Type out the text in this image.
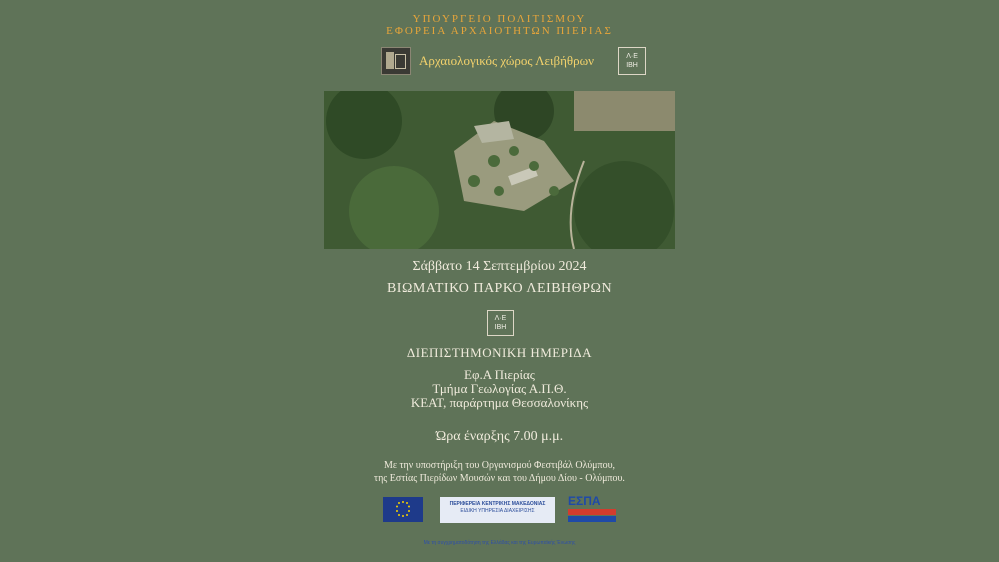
ΥΠΟΥΡΓΕΙΟ ΠΟΛΙΤΙΣΜΟΥ
ΕΦΟΡΕΙΑ ΑΡΧΑΙΟΤΗΤΩΝ ΠΙΕΡΙΑΣ
Αρχαιολογικός χώρος Λειβήθρων	Λ·Ε
ΙΒΗ
Σάββατο 14 Σεπτεμβρίου 2024
ΒΙΩΜΑΤΙΚΟ ΠΑΡΚΟ ΛΕΙΒΗΘΡΩΝ
Λ·Ε
ΙΒΗ
ΔΙΕΠΙΣΤΗΜΟΝΙΚΗ ΗΜΕΡΙΔΑ
Εφ.Α Πιερίας
Τμήμα Γεωλογίας Α.Π.Θ.
ΚΕΑΤ, παράρτημα Θεσσαλονίκης
Ώρα έναρξης 7.00 μ.μ.
Με την υποστήριξη του Οργανισμού Φεστιβάλ Ολύμπου,
της Εστίας Πιερίδων Μουσών και του Δήμου Δίου - Ολύμπου.
ΠΕΡΙΦΕΡΕΙΑ ΚΕΝΤΡΙΚΗΣ ΜΑΚΕΔΟΝΙΑΣ
ΕΙΔΙΚΗ ΥΠΗΡΕΣΙΑ ΔΙΑΧΕΙΡΙΣΗΣ
ΕΣΠΑ
Με τη συγχρηματοδότηση της Ελλάδας και της Ευρωπαϊκής Ένωσης
